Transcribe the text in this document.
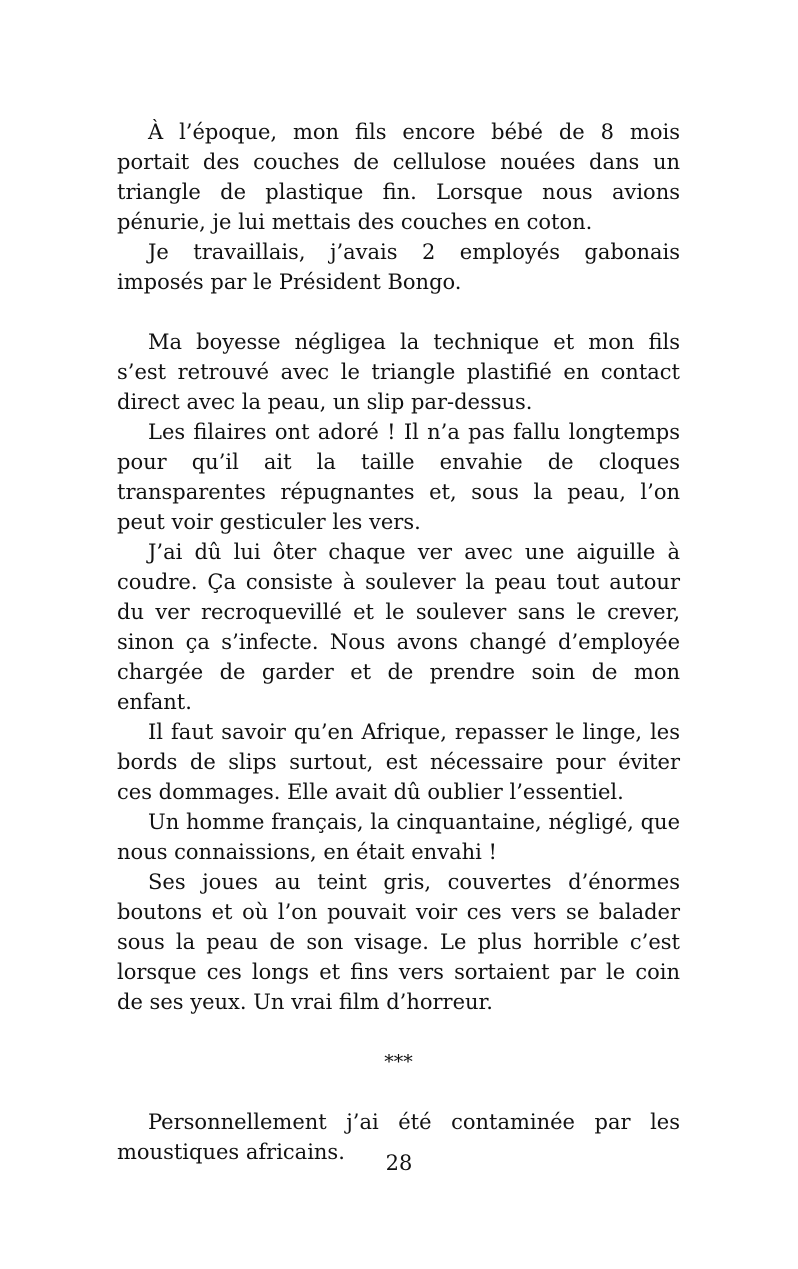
À l’époque, mon fils encore bébé de 8 mois portait des couches de cellulose nouées dans un triangle de plastique fin. Lorsque nous avions pénurie, je lui mettais des couches en coton.

Je travaillais, j’avais 2 employés gabonais imposés par le Président Bongo.

Ma boyesse négligea la technique et mon fils s’est retrouvé avec le triangle plastifié en contact direct avec la peau, un slip par-dessus.

Les filaires ont adoré ! Il n’a pas fallu longtemps pour qu’il ait la taille envahie de cloques transparentes répugnantes et, sous la peau, l’on peut voir gesticuler les vers.

J’ai dû lui ôter chaque ver avec une aiguille à coudre. Ça consiste à soulever la peau tout autour du ver recroquevillé et le soulever sans le crever, sinon ça s’infecte. Nous avons changé d’employée chargée de garder et de prendre soin de mon enfant.

Il faut savoir qu’en Afrique, repasser le linge, les bords de slips surtout, est nécessaire pour éviter ces dommages. Elle avait dû oublier l’essentiel.

Un homme français, la cinquantaine, négligé, que nous connaissions, en était envahi !

Ses joues au teint gris, couvertes d’énormes boutons et où l’on pouvait voir ces vers se balader sous la peau de son visage. Le plus horrible c’est lorsque ces longs et fins vers sortaient par le coin de ses yeux. Un vrai film d’horreur.

***

Personnellement j’ai été contaminée par les moustiques africains.	28
